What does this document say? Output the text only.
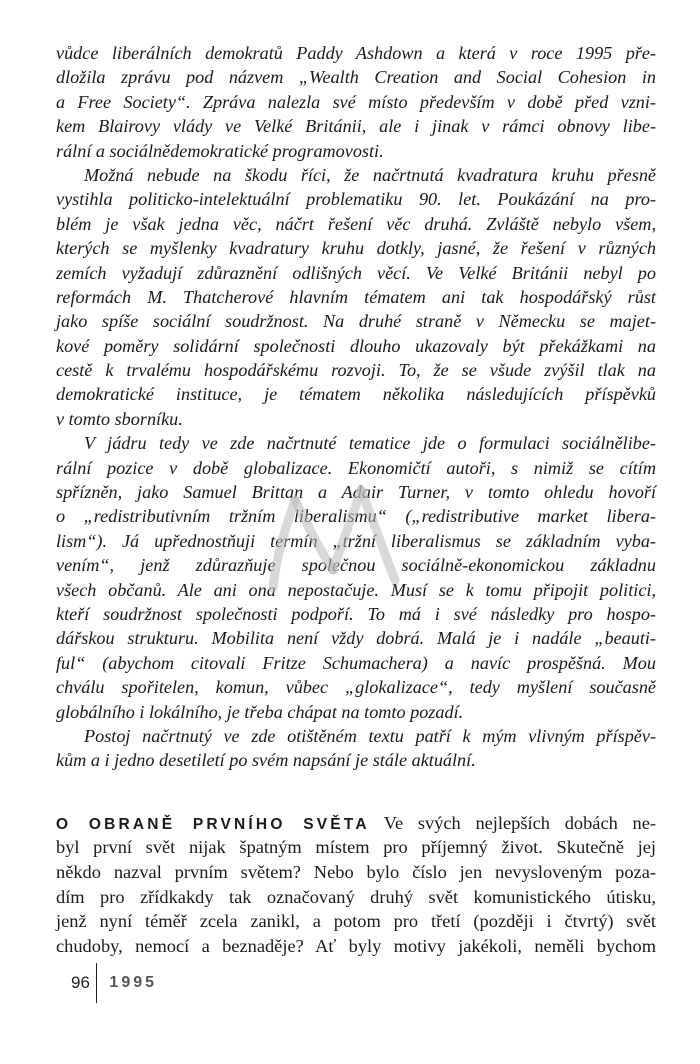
vůdce liberálních demokratů Paddy Ashdown a která v roce 1995 pře-
dložila zprávu pod názvem „Wealth Creation and Social Cohesion in
a Free Society“. Zpráva nalezla své místo především v době před vzni-
kem Blairovy vlády ve Velké Británii, ale i jinak v rámci obnovy libe-
rální a sociálnědemokratické programovosti.
Možná nebude na škodu říci, že načrtnutá kvadratura kruhu přesně
vystihla politicko-intelektuální problematiku 90. let. Poukázání na pro-
blém je však jedna věc, náčrt řešení věc druhá. Zvláště nebylo všem,
kterých se myšlenky kvadratury kruhu dotkly, jasné, že řešení v různých
zemích vyžadují zdůraznění odlišných věcí. Ve Velké Británii nebyl po
reformách M. Thatcherové hlavním tématem ani tak hospodářský růst
jako spíše sociální soudržnost. Na druhé straně v Německu se majet-
kové poměry solidární společnosti dlouho ukazovaly být překážkami na
cestě k trvalému hospodářskému rozvoji. To, že se všude zvýšil tlak na
demokratické instituce, je tématem několika následujících příspěvků
v tomto sborníku.
V jádru tedy ve zde načrtnuté tematice jde o formulaci sociálnělibe-
rální pozice v době globalizace. Ekonomičtí autoři, s nimiž se cítím
spřízněn, jako Samuel Brittan a Adair Turner, v tomto ohledu hovoří
o „redistributivním tržním liberalismu“ („redistributive market libera-
lism“). Já upřednostňuji termín „tržní liberalismus se základním vyba-
vením“, jenž zdůrazňuje společnou sociálně-ekonomickou základnu
všech občanů. Ale ani ona nepostačuje. Musí se k tomu připojit politici,
kteří soudržnost společnosti podpoří. To má i své následky pro hospo-
dářskou strukturu. Mobilita není vždy dobrá. Malá je i nadále „beauti-
ful“ (abychom citovali Fritze Schumachera) a navíc prospěšná. Mou
chválu spořitelen, komun, vůbec „glokalizace“, tedy myšlení současně
globálního i lokálního, je třeba chápat na tomto pozadí.
Postoj načrtnutý ve zde otištěném textu patří k mým vlivným příspěv-
kům a i jedno desetiletí po svém napsání je stále aktuální.
O OBRANĚ PRVNÍHO SVĚTA Ve svých nejlepších dobách ne-
byl první svět nijak špatným místem pro příjemný život. Skutečně jej
někdo nazval prvním světem? Nebo bylo číslo jen nevysloveným poza-
dím pro zřídkakdy tak označovaný druhý svět komunistického útisku,
jenž nyní téměř zcela zanikl, a potom pro třetí (později i čtvrtý) svět
chudoby, nemocí a beznaděje? Ať byly motivy jakékoli, neměli bychom
96 1995
